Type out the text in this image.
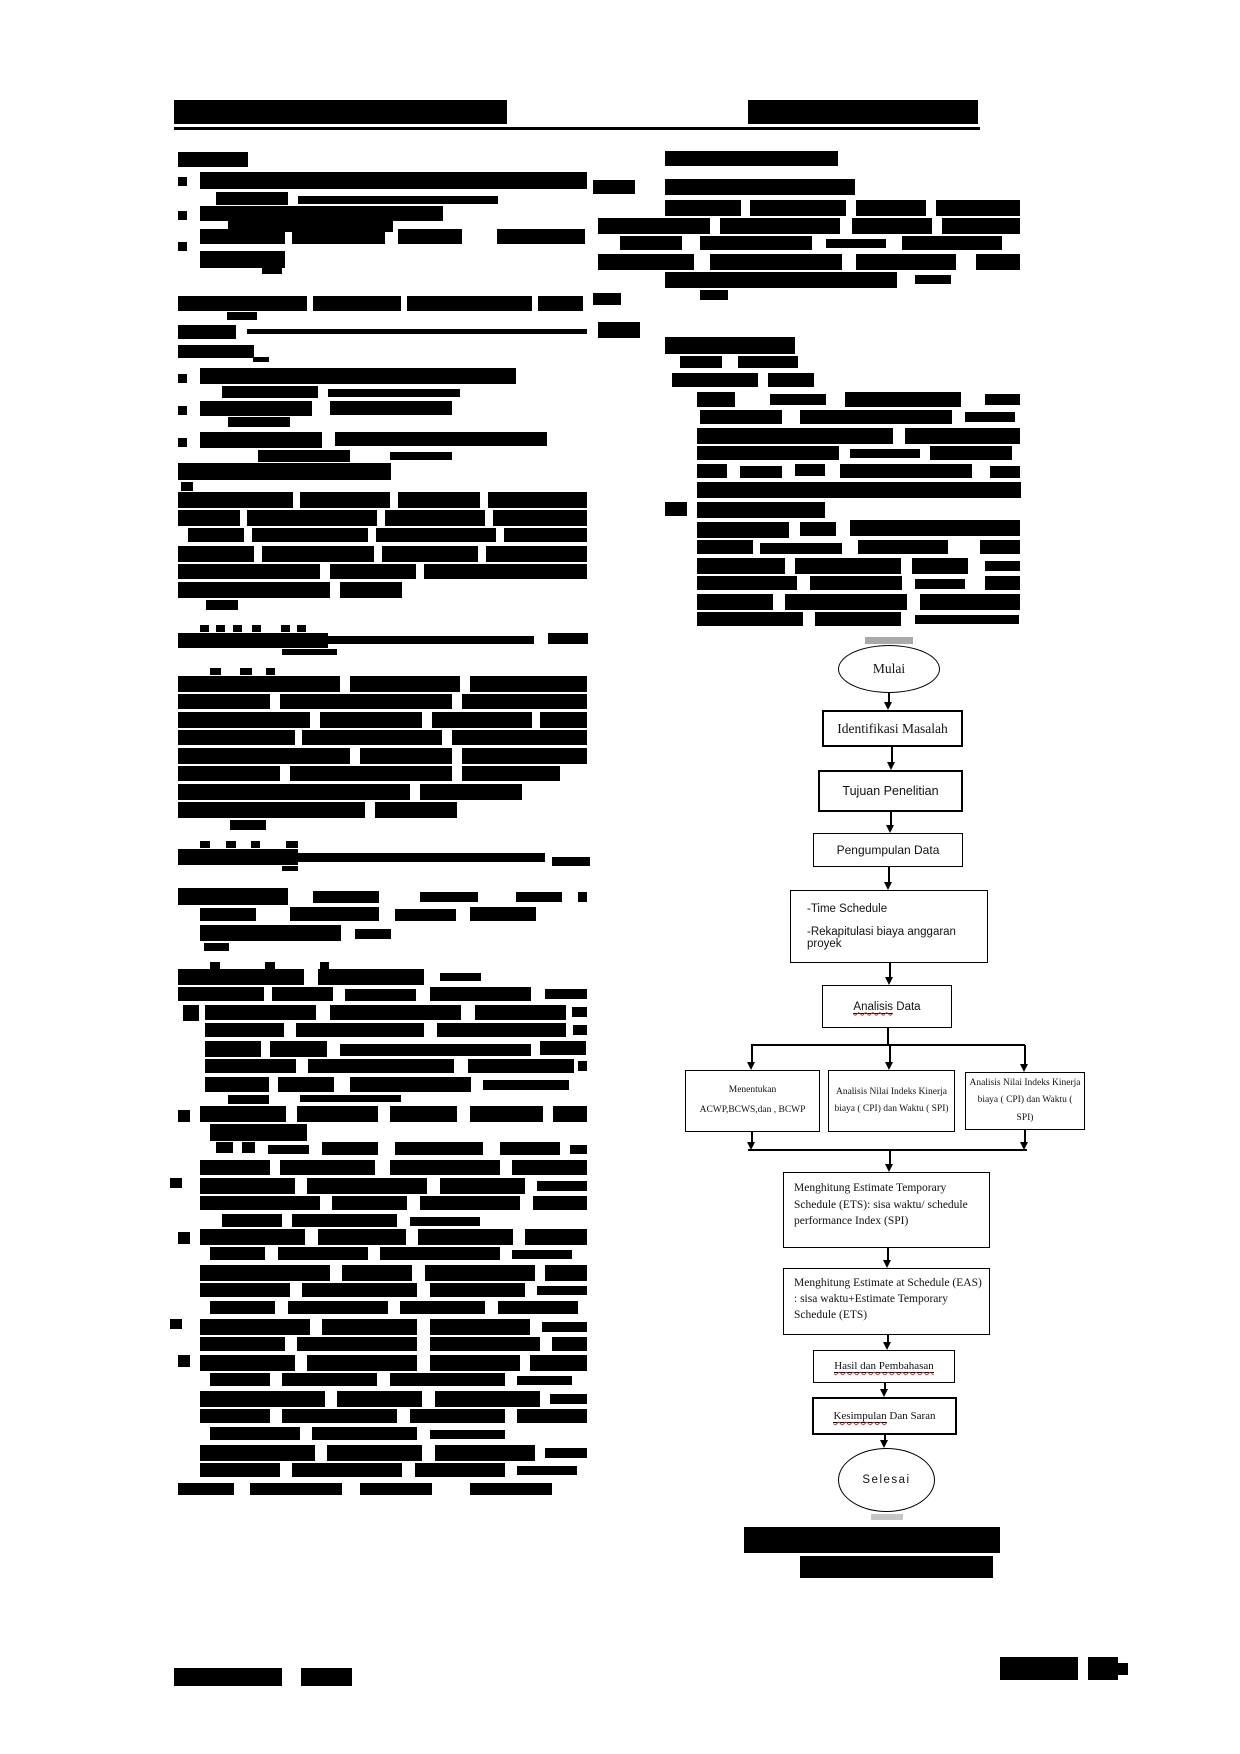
Mulai
Identifikasi Masalah
Tujuan Penelitian
Pengumpulan Data
-Time Schedule
-Rekapitulasi biaya anggaran proyek
Analisis Data
Menentukan
ACWP,BCWS,dan , BCWP
Analisis Nilai Indeks Kinerja biaya ( CPI) dan Waktu ( SPI)
Analisis Nilai Indeks Kinerja biaya ( CPI) dan Waktu ( SPI)
Menghitung Estimate Temporary Schedule (ETS): sisa waktu/ schedule performance Index (SPI)
Menghitung Estimate at Schedule (EAS) : sisa waktu+Estimate Temporary Schedule (ETS)
Hasil dan Pembahasan
Kesimpulan Dan Saran
Selesai
